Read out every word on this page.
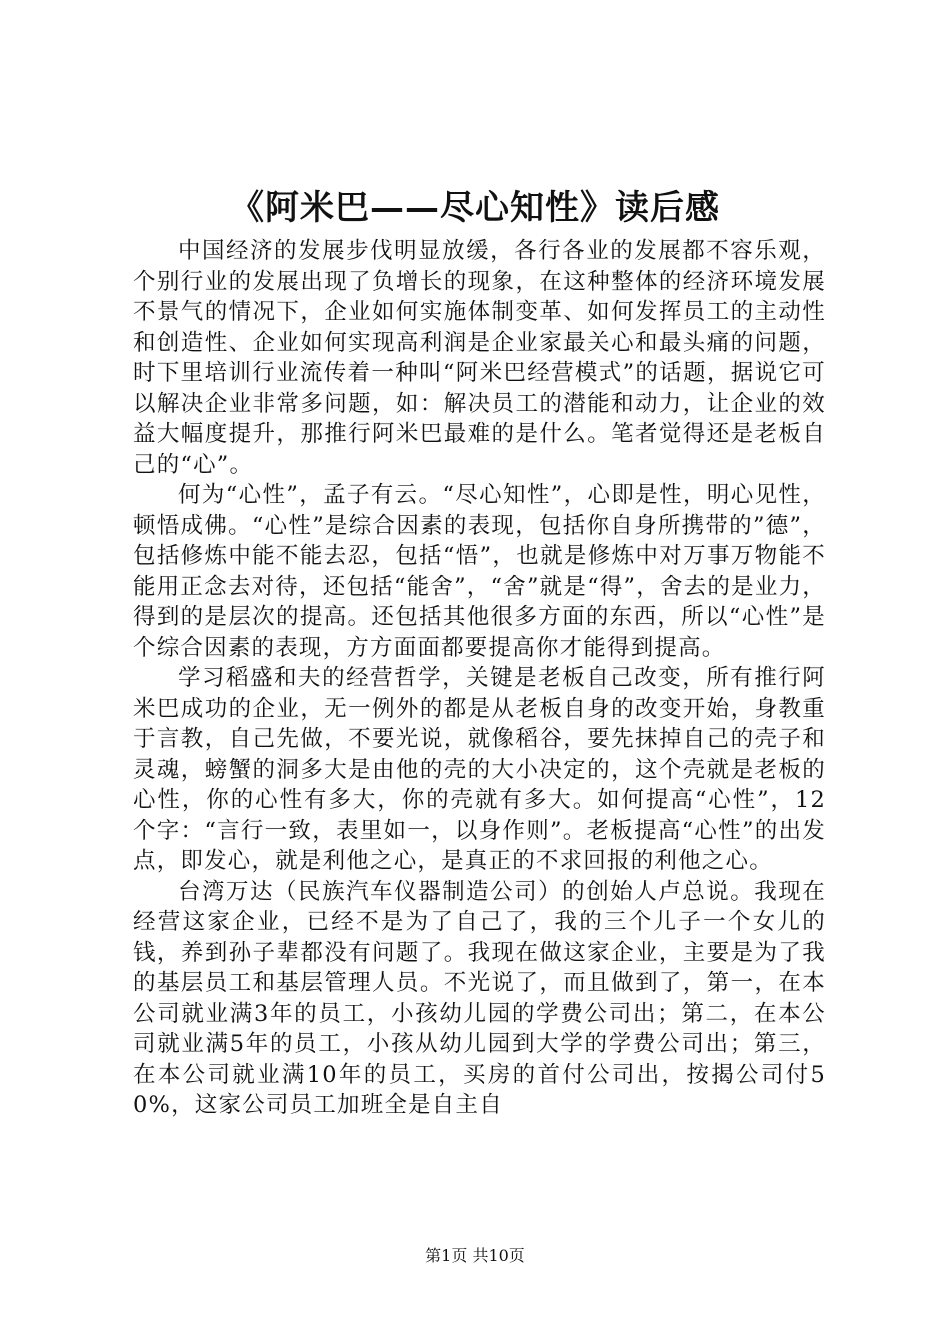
《阿米巴——尽心知性》读后感

中国经济的发展步伐明显放缓，各行各业的发展都不容乐观，个别行业的发展出现了负增长的现象，在这种整体的经济环境发展不景气的情况下，企业如何实施体制变革、如何发挥员工的主动性和创造性、企业如何实现高利润是企业家最关心和最头痛的问题，时下里培训行业流传着一种叫“阿米巴经营模式”的话题，据说它可以解决企业非常多问题，如：解决员工的潜能和动力，让企业的效益大幅度提升，那推行阿米巴最难的是什么。笔者觉得还是老板自己的“心”。

何为“心性”，孟子有云。“尽心知性”，心即是性，明心见性，顿悟成佛。“心性”是综合因素的表现，包括你自身所携带的”德”，包括修炼中能不能去忍，包括“悟”，也就是修炼中对万事万物能不能用正念去对待，还包括“能舍”，“舍”就是“得”，舍去的是业力，得到的是层次的提高。还包括其他很多方面的东西，所以“心性”是个综合因素的表现，方方面面都要提高你才能得到提高。

学习稻盛和夫的经营哲学，关键是老板自己改变，所有推行阿米巴成功的企业，无一例外的都是从老板自身的改变开始，身教重于言教，自己先做，不要光说，就像稻谷，要先抹掉自己的壳子和灵魂，螃蟹的洞多大是由他的壳的大小决定的，这个壳就是老板的心性，你的心性有多大，你的壳就有多大。如何提高“心性”，12个字：“言行一致，表里如一，以身作则”。老板提高“心性”的出发点，即发心，就是利他之心，是真正的不求回报的利他之心。

台湾万达（民族汽车仪器制造公司）的创始人卢总说。我现在经营这家企业，已经不是为了自己了，我的三个儿子一个女儿的钱，养到孙子辈都没有问题了。我现在做这家企业，主要是为了我的基层员工和基层管理人员。不光说了，而且做到了，第一，在本公司就业满3年的员工，小孩幼儿园的学费公司出；第二，在本公司就业满5年的员工，小孩从幼儿园到大学的学费公司出；第三，在本公司就业满10年的员工，买房的首付公司出，按揭公司付50%，这家公司员工加班全是自主自

第1页 共10页
